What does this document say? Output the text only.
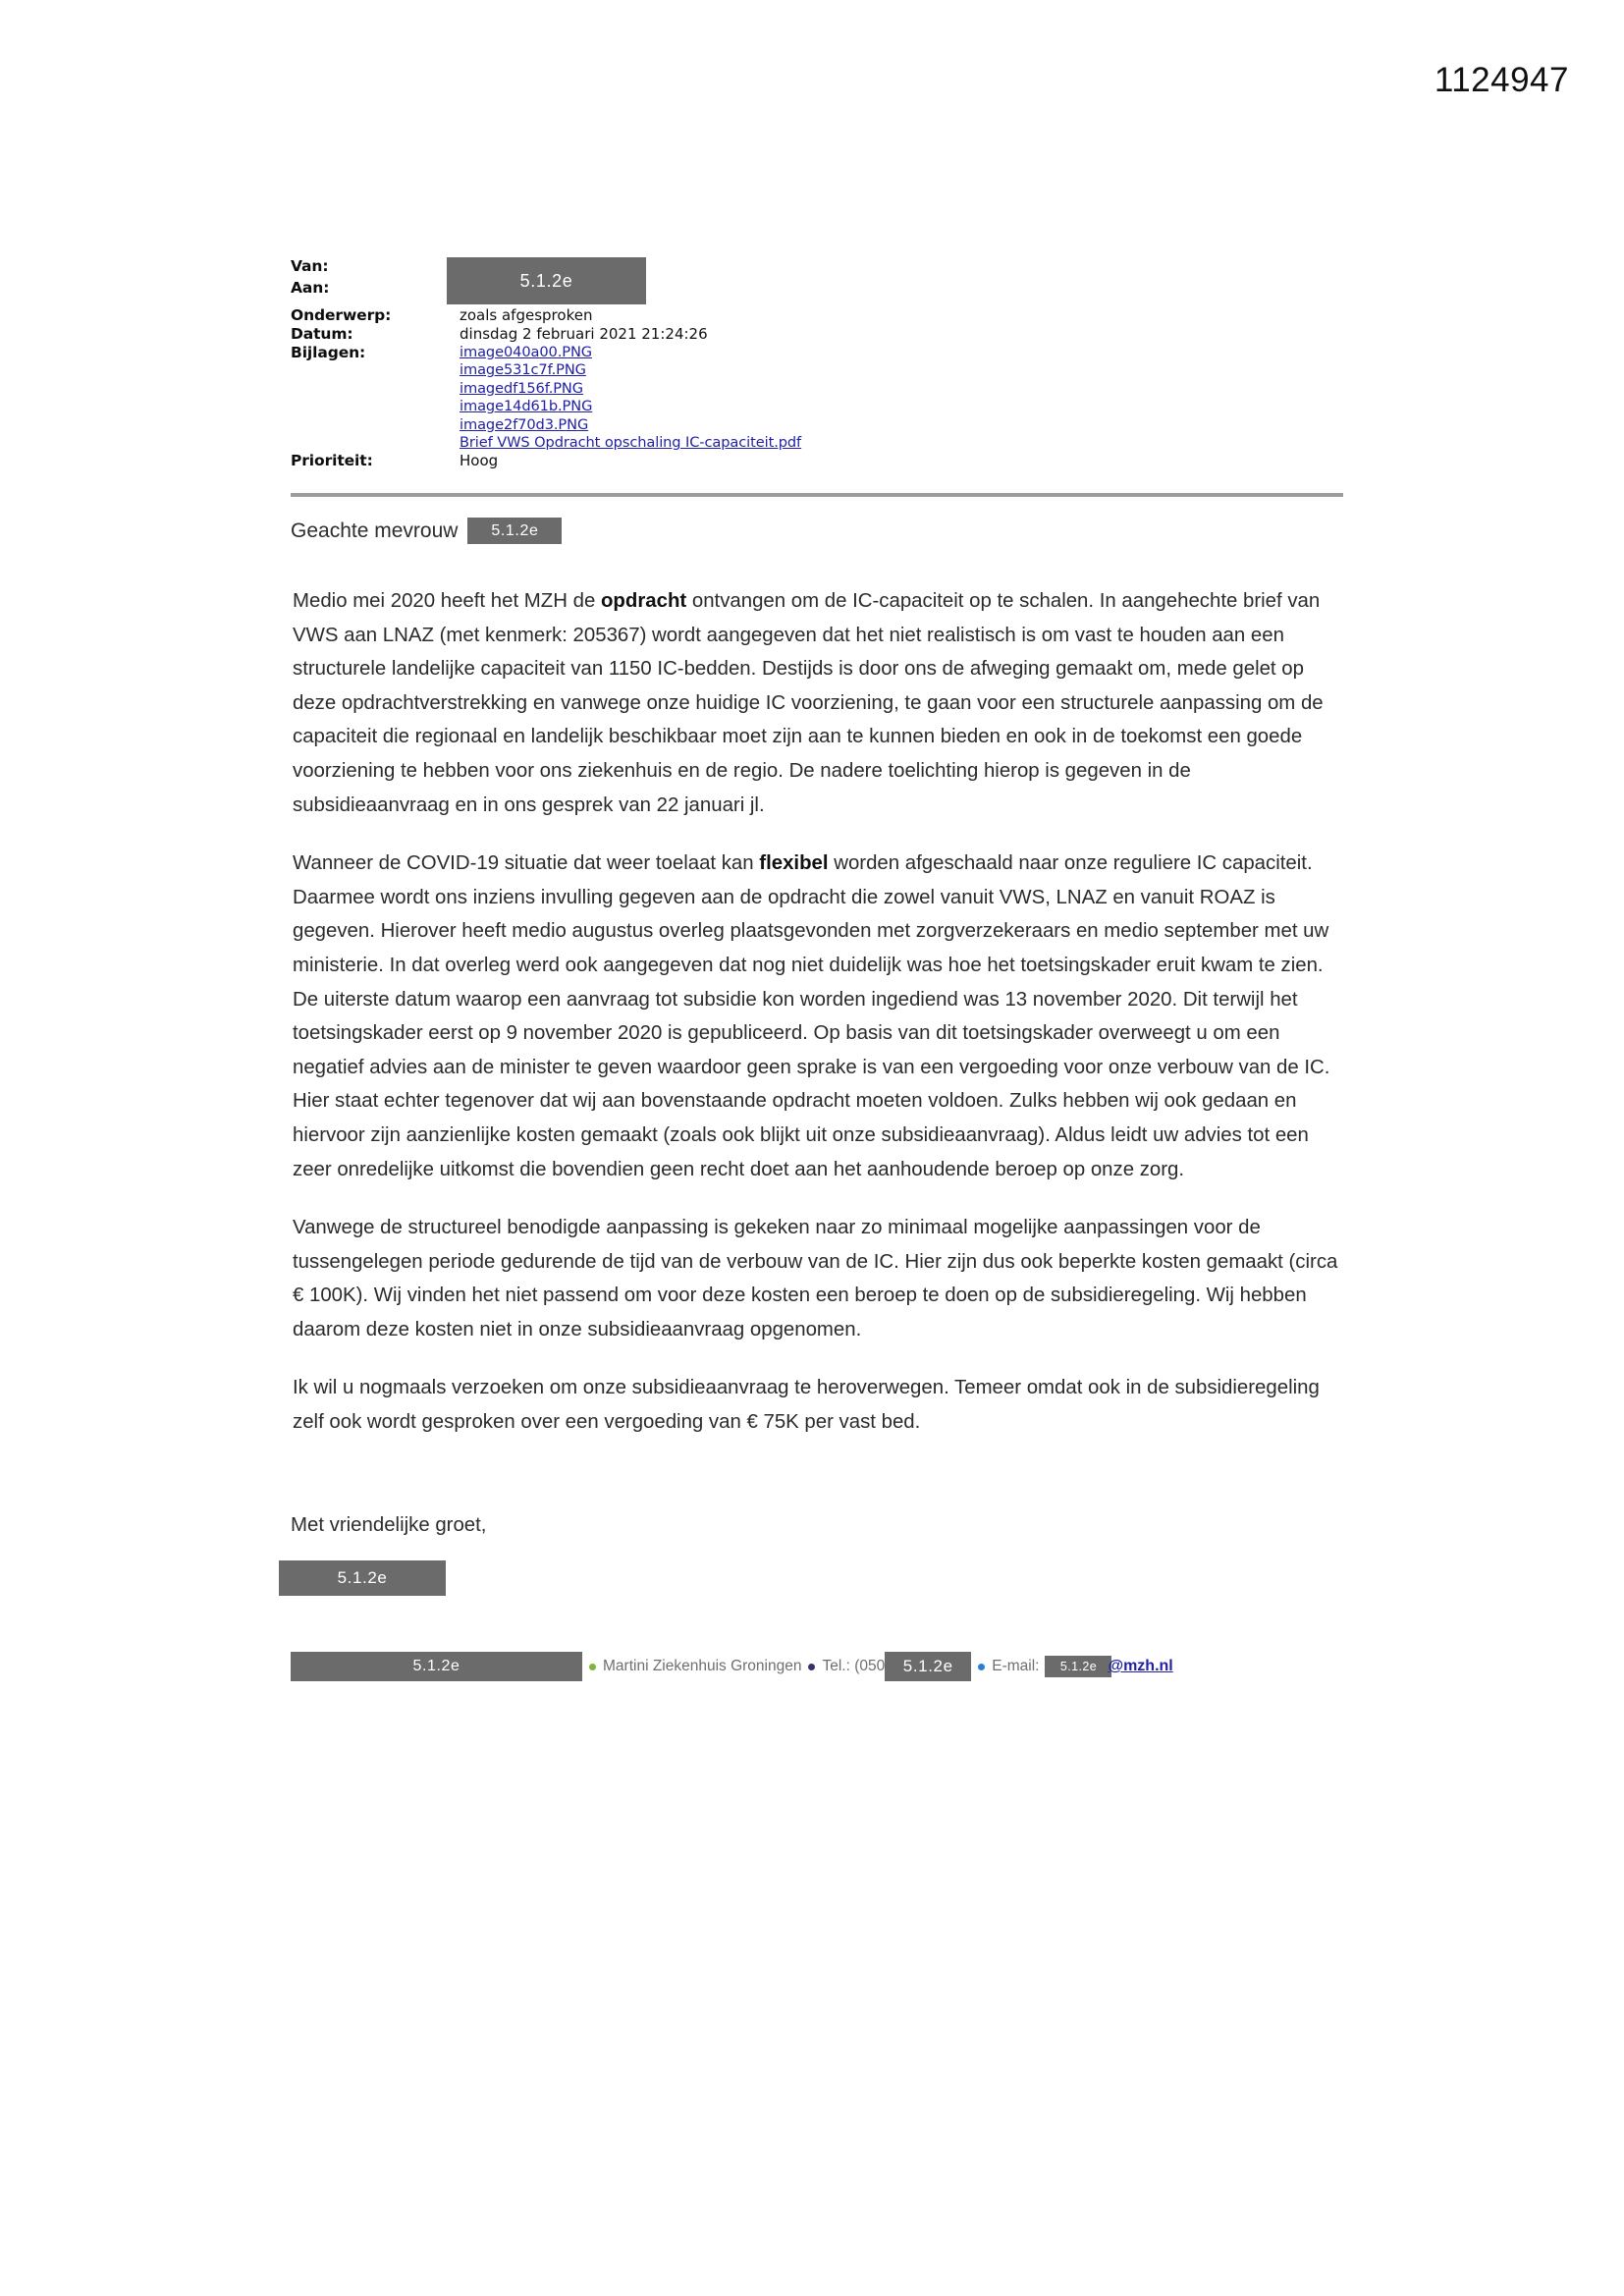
1124947
Van:
Aan:
Onderwerp:	zoals afgesproken
Datum:	dinsdag 2 februari 2021 21:24:26
Bijlagen:	image040a00.PNG
image531c7f.PNG
imagedf156f.PNG
image14d61b.PNG
image2f70d3.PNG
Brief VWS Opdracht opschaling IC-capaciteit.pdf
Prioriteit:	Hoog
5.1.2e
Geachte mevrouw	5.1.2e

Medio mei 2020 heeft het MZH de opdracht ontvangen om de IC-capaciteit op te schalen. In aangehechte brief van VWS aan LNAZ (met kenmerk: 205367) wordt aangegeven dat het niet realistisch is om vast te houden aan een structurele landelijke capaciteit van 1150 IC-bedden. Destijds is door ons de afweging gemaakt om, mede gelet op deze opdrachtverstrekking en vanwege onze huidige IC voorziening, te gaan voor een structurele aanpassing om de capaciteit die regionaal en landelijk beschikbaar moet zijn aan te kunnen bieden en ook in de toekomst een goede voorziening te hebben voor ons ziekenhuis en de regio. De nadere toelichting hierop is gegeven in de subsidieaanvraag en in ons gesprek van 22 januari jl.

Wanneer de COVID-19 situatie dat weer toelaat kan flexibel worden afgeschaald naar onze reguliere IC capaciteit. Daarmee wordt ons inziens invulling gegeven aan de opdracht die zowel vanuit VWS, LNAZ en vanuit ROAZ is gegeven. Hierover heeft medio augustus overleg plaatsgevonden met zorgverzekeraars en medio september met uw ministerie. In dat overleg werd ook aangegeven dat nog niet duidelijk was hoe het toetsingskader eruit kwam te zien. De uiterste datum waarop een aanvraag tot subsidie kon worden ingediend was 13 november 2020. Dit terwijl het toetsingskader eerst op 9 november 2020 is gepubliceerd. Op basis van dit toetsingskader overweegt u om een negatief advies aan de minister te geven waardoor geen sprake is van een vergoeding voor onze verbouw van de IC. Hier staat echter tegenover dat wij aan bovenstaande opdracht moeten voldoen. Zulks hebben wij ook gedaan en hiervoor zijn aanzienlijke kosten gemaakt (zoals ook blijkt uit onze subsidieaanvraag). Aldus leidt uw advies tot een zeer onredelijke uitkomst die bovendien geen recht doet aan het aanhoudende beroep op onze zorg.

Vanwege de structureel benodigde aanpassing is gekeken naar zo minimaal mogelijke aanpassingen voor de tussengelegen periode gedurende de tijd van de verbouw van de IC. Hier zijn dus ook beperkte kosten gemaakt (circa € 100K). Wij vinden het niet passend om voor deze kosten een beroep te doen op de subsidieregeling. Wij hebben daarom deze kosten niet in onze subsidieaanvraag opgenomen.

Ik wil u nogmaals verzoeken om onze subsidieaanvraag te heroverwegen. Temeer omdat ook in de subsidieregeling zelf ook wordt gesproken over een vergoeding van € 75K per vast bed.

Met vriendelijke groet,
5.1.2e
5.1.2e	Martini Ziekenhuis Groningen Tel.: (050	5.1.2e	E-mail:	5.1.2e @mzh.nl
